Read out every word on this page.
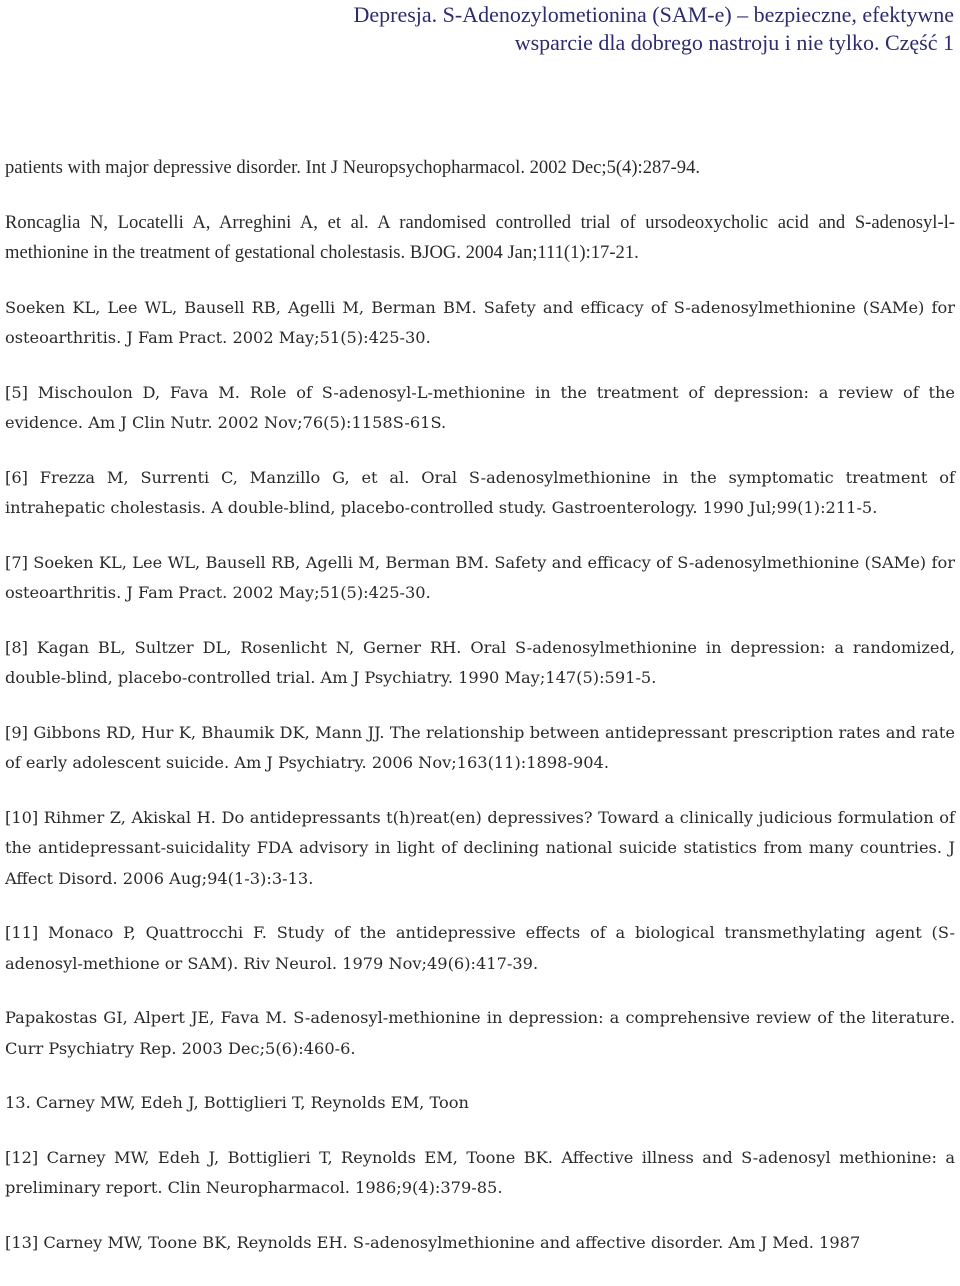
Depresja. S-Adenozylometionina (SAM-e) – bezpieczne, efektywne
wsparcie dla dobrego nastroju i nie tylko. Część 1

patients with major depressive disorder. Int J Neuropsychopharmacol. 2002 Dec;5(4):287-94.

Roncaglia N, Locatelli A, Arreghini A, et al. A randomised controlled trial of ursodeoxycholic acid and S-adenosyl-l-methionine in the treatment of gestational cholestasis. BJOG. 2004 Jan;111(1):17-21.

Soeken KL, Lee WL, Bausell RB, Agelli M, Berman BM. Safety and efficacy of S-adenosylmethionine (SAMe) for osteoarthritis. J Fam Pract. 2002 May;51(5):425-30.

[5] Mischoulon D, Fava M. Role of S-adenosyl-L-methionine in the treatment of depression: a review of the evidence. Am J Clin Nutr. 2002 Nov;76(5):1158S-61S.

[6] Frezza M, Surrenti C, Manzillo G, et al. Oral S-adenosylmethionine in the symptomatic treatment of intrahepatic cholestasis. A double-blind, placebo-controlled study. Gastroenterology. 1990 Jul;99(1):211-5.

[7] Soeken KL, Lee WL, Bausell RB, Agelli M, Berman BM. Safety and efficacy of S-adenosylmethionine (SAMe) for osteoarthritis. J Fam Pract. 2002 May;51(5):425-30.

[8] Kagan BL, Sultzer DL, Rosenlicht N, Gerner RH. Oral S-adenosylmethionine in depression: a randomized, double-blind, placebo-controlled trial. Am J Psychiatry. 1990 May;147(5):591-5.

[9] Gibbons RD, Hur K, Bhaumik DK, Mann JJ. The relationship between antidepressant prescription rates and rate of early adolescent suicide. Am J Psychiatry. 2006 Nov;163(11):1898-904.

[10] Rihmer Z, Akiskal H. Do antidepressants t(h)reat(en) depressives? Toward a clinically judicious formulation of the antidepressant-suicidality FDA advisory in light of declining national suicide statistics from many countries. J Affect Disord. 2006 Aug;94(1-3):3-13.

[11] Monaco P, Quattrocchi F. Study of the antidepressive effects of a biological transmethylating agent (S-adenosyl-methione or SAM). Riv Neurol. 1979 Nov;49(6):417-39.

Papakostas GI, Alpert JE, Fava M. S-adenosyl-methionine in depression: a comprehensive review of the literature. Curr Psychiatry Rep. 2003 Dec;5(6):460-6.

13. Carney MW, Edeh J, Bottiglieri T, Reynolds EM, Toon

[12] Carney MW, Edeh J, Bottiglieri T, Reynolds EM, Toone BK. Affective illness and S-adenosyl methionine: a preliminary report. Clin Neuropharmacol. 1986;9(4):379-85.

[13] Carney MW, Toone BK, Reynolds EH. S-adenosylmethionine and affective disorder. Am J Med. 1987
